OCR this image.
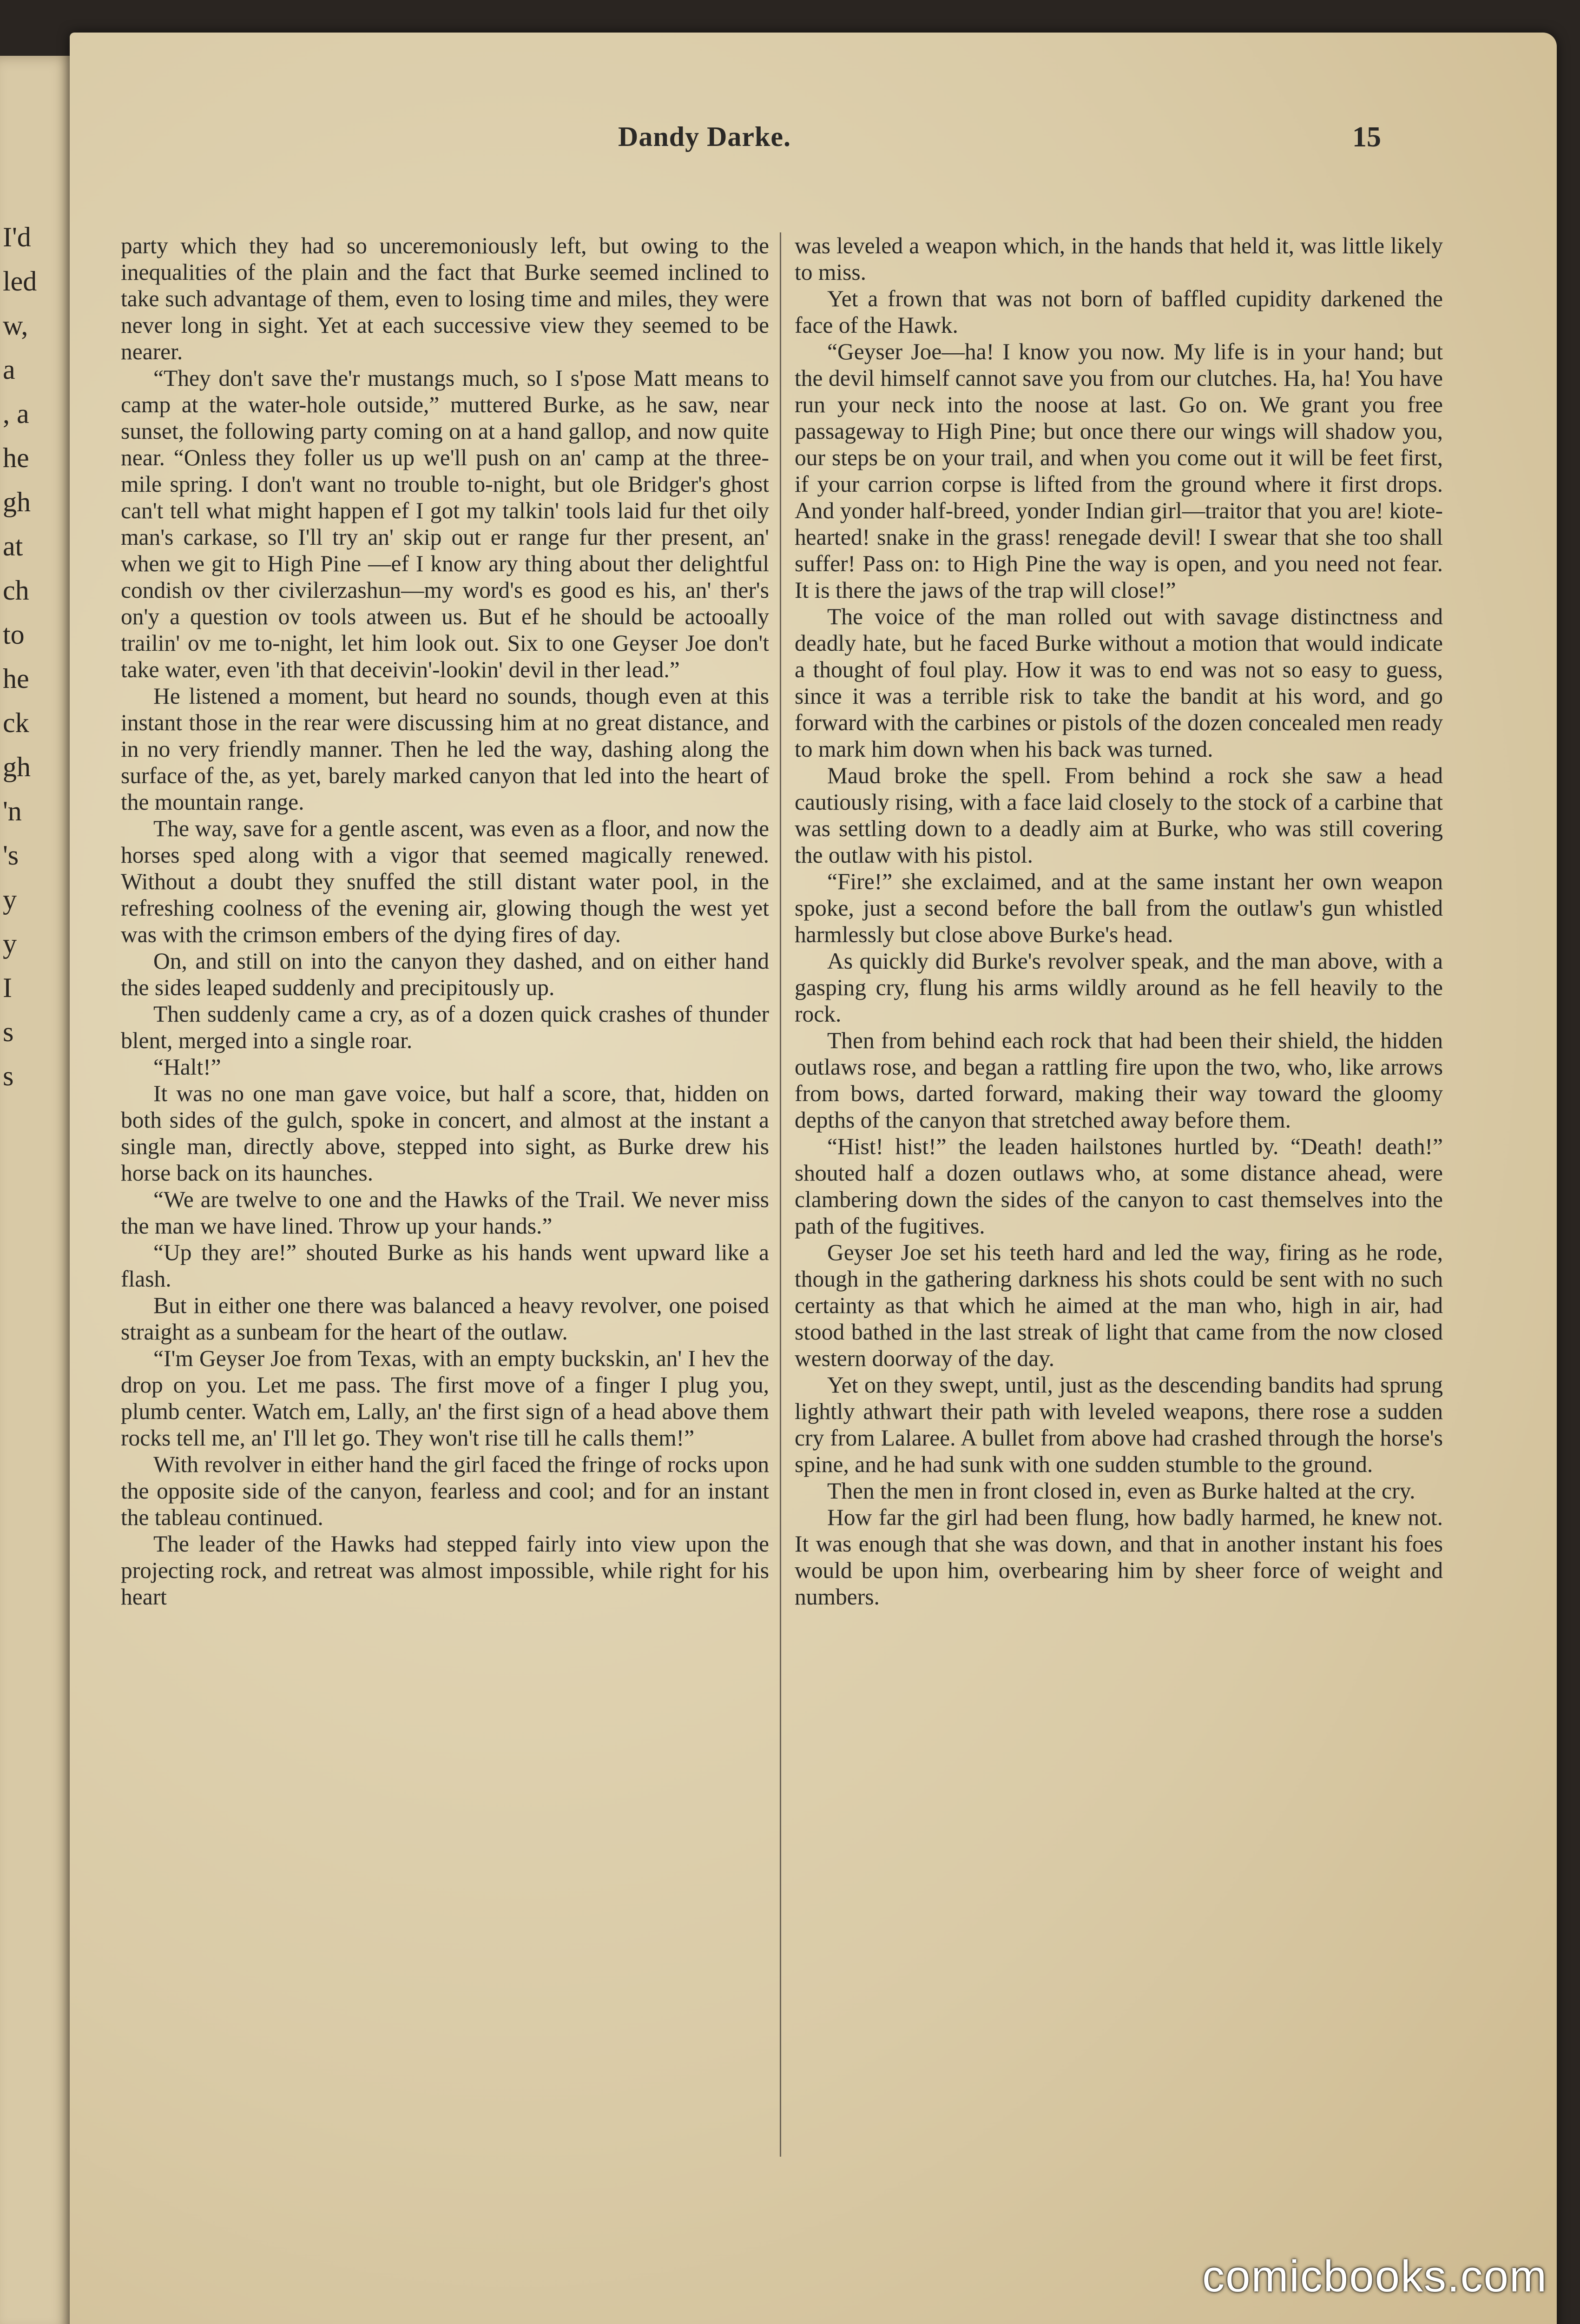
I'd
led
w,
a
, a
he
gh
at
ch
to
he
ck
gh
'n
's
y
y
I
s
s
Dandy Darke.	15

party which they had so unceremoniously left, but owing to the inequalities of the plain and the fact that Burke seemed inclined to take such advantage of them, even to losing time and miles, they were never long in sight. Yet at each successive view they seemed to be nearer.

“They don't save the'r mustangs much, so I s'pose Matt means to camp at the water-hole outside,” muttered Burke, as he saw, near sunset, the following party coming on at a hand gallop, and now quite near. “Onless they foller us up we'll push on an' camp at the three-mile spring. I don't want no trouble to-night, but ole Bridger's ghost can't tell what might happen ef I got my talkin' tools laid fur thet oily man's carkase, so I'll try an' skip out er range fur ther present, an' when we git to High Pine —ef I know ary thing about ther delightful condish ov ther civilerzashun—my word's es good es his, an' ther's on'y a question ov tools atween us. But ef he should be actooally trailin' ov me to-night, let him look out. Six to one Geyser Joe don't take water, even 'ith that deceivin'-lookin' devil in ther lead.”

He listened a moment, but heard no sounds, though even at this instant those in the rear were discussing him at no great distance, and in no very friendly manner. Then he led the way, dashing along the surface of the, as yet, barely marked canyon that led into the heart of the mountain range.

The way, save for a gentle ascent, was even as a floor, and now the horses sped along with a vigor that seemed magically renewed. Without a doubt they snuffed the still distant water pool, in the refreshing coolness of the evening air, glowing though the west yet was with the crimson embers of the dying fires of day.

On, and still on into the canyon they dashed, and on either hand the sides leaped suddenly and precipitously up.

Then suddenly came a cry, as of a dozen quick crashes of thunder blent, merged into a single roar.

“Halt!”

It was no one man gave voice, but half a score, that, hidden on both sides of the gulch, spoke in concert, and almost at the instant a single man, directly above, stepped into sight, as Burke drew his horse back on its haunches.

“We are twelve to one and the Hawks of the Trail. We never miss the man we have lined. Throw up your hands.”

“Up they are!” shouted Burke as his hands went upward like a flash.

But in either one there was balanced a heavy revolver, one poised straight as a sunbeam for the heart of the outlaw.

“I'm Geyser Joe from Texas, with an empty buckskin, an' I hev the drop on you. Let me pass. The first move of a finger I plug you, plumb center. Watch em, Lally, an' the first sign of a head above them rocks tell me, an' I'll let go. They won't rise till he calls them!”

With revolver in either hand the girl faced the fringe of rocks upon the opposite side of the canyon, fearless and cool; and for an instant the tableau continued.

The leader of the Hawks had stepped fairly into view upon the projecting rock, and retreat was almost impossible, while right for his heart

was leveled a weapon which, in the hands that held it, was little likely to miss.

Yet a frown that was not born of baffled cupidity darkened the face of the Hawk.

“Geyser Joe—ha! I know you now. My life is in your hand; but the devil himself cannot save you from our clutches. Ha, ha! You have run your neck into the noose at last. Go on. We grant you free passageway to High Pine; but once there our wings will shadow you, our steps be on your trail, and when you come out it will be feet first, if your carrion corpse is lifted from the ground where it first drops. And yonder half-breed, yonder Indian girl—traitor that you are! kiote-hearted! snake in the grass! renegade devil! I swear that she too shall suffer! Pass on: to High Pine the way is open, and you need not fear. It is there the jaws of the trap will close!”

The voice of the man rolled out with savage distinctness and deadly hate, but he faced Burke without a motion that would indicate a thought of foul play. How it was to end was not so easy to guess, since it was a terrible risk to take the bandit at his word, and go forward with the carbines or pistols of the dozen concealed men ready to mark him down when his back was turned.

Maud broke the spell. From behind a rock she saw a head cautiously rising, with a face laid closely to the stock of a carbine that was settling down to a deadly aim at Burke, who was still covering the outlaw with his pistol.

“Fire!” she exclaimed, and at the same instant her own weapon spoke, just a second before the ball from the outlaw's gun whistled harmlessly but close above Burke's head.

As quickly did Burke's revolver speak, and the man above, with a gasping cry, flung his arms wildly around as he fell heavily to the rock.

Then from behind each rock that had been their shield, the hidden outlaws rose, and began a rattling fire upon the two, who, like arrows from bows, darted forward, making their way toward the gloomy depths of the canyon that stretched away before them.

“Hist! hist!” the leaden hailstones hurtled by. “Death! death!” shouted half a dozen outlaws who, at some distance ahead, were clambering down the sides of the canyon to cast themselves into the path of the fugitives.

Geyser Joe set his teeth hard and led the way, firing as he rode, though in the gathering darkness his shots could be sent with no such certainty as that which he aimed at the man who, high in air, had stood bathed in the last streak of light that came from the now closed western doorway of the day.

Yet on they swept, until, just as the descending bandits had sprung lightly athwart their path with leveled weapons, there rose a sudden cry from Lalaree. A bullet from above had crashed through the horse's spine, and he had sunk with one sudden stumble to the ground.

Then the men in front closed in, even as Burke halted at the cry.

How far the girl had been flung, how badly harmed, he knew not. It was enough that she was down, and that in another instant his foes would be upon him, overbearing him by sheer force of weight and numbers.

comicbooks.com
